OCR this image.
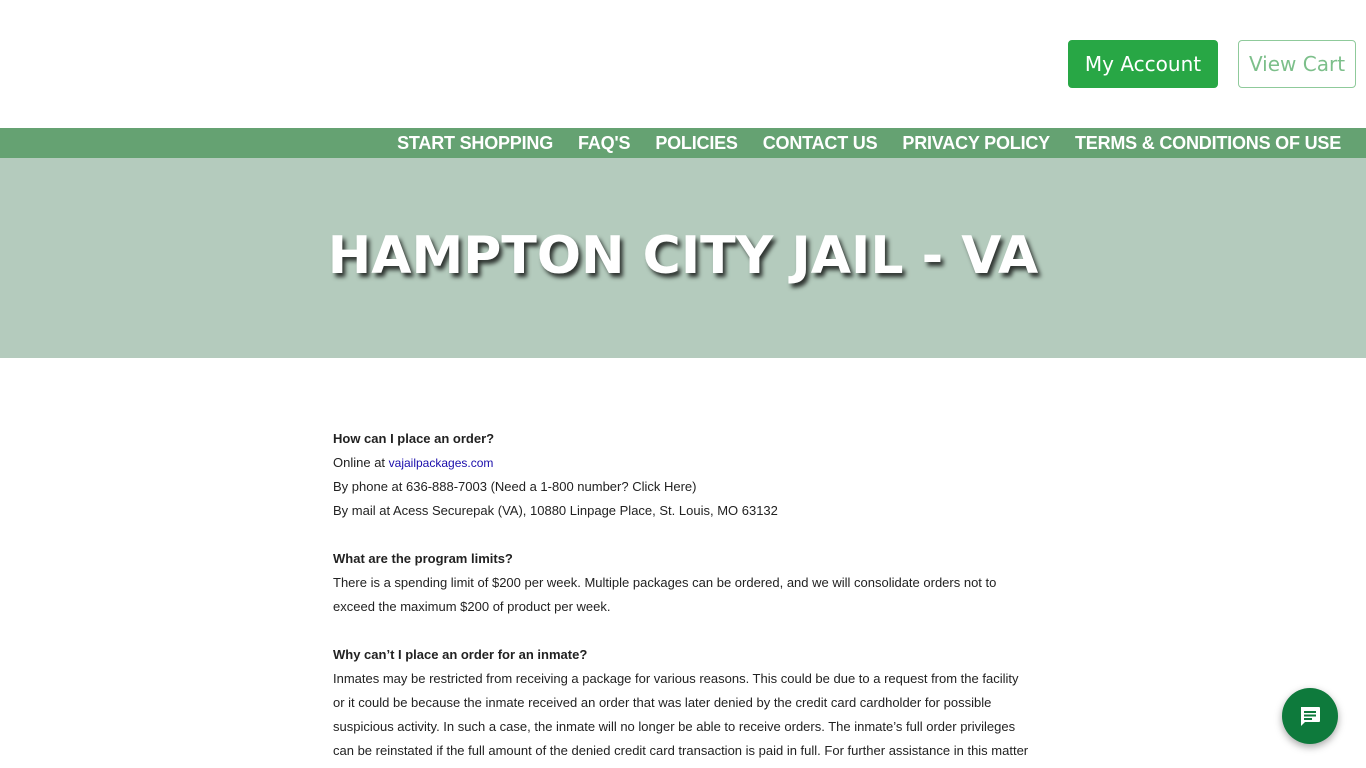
My Account	View Cart
START SHOPPING FAQ'S POLICIES CONTACT US PRIVACY POLICY TERMS & CONDITIONS OF USE
HAMPTON CITY JAIL - VA

How can I place an order?

Online at vajailpackages.com

By phone at 636-888-7003 (Need a 1-800 number? Click Here)

By mail at Acess Securepak (VA), 10880 Linpage Place, St. Louis, MO 63132

What are the program limits?

There is a spending limit of $200 per week. Multiple packages can be ordered, and we will consolidate orders not to

exceed the maximum $200 of product per week.

Why can’t I place an order for an inmate?

Inmates may be restricted from receiving a package for various reasons. This could be due to a request from the facility

or it could be because the inmate received an order that was later denied by the credit card cardholder for possible

suspicious activity. In such a case, the inmate will no longer be able to receive orders. The inmate’s full order privileges

can be reinstated if the full amount of the denied credit card transaction is paid in full. For further assistance in this matter
